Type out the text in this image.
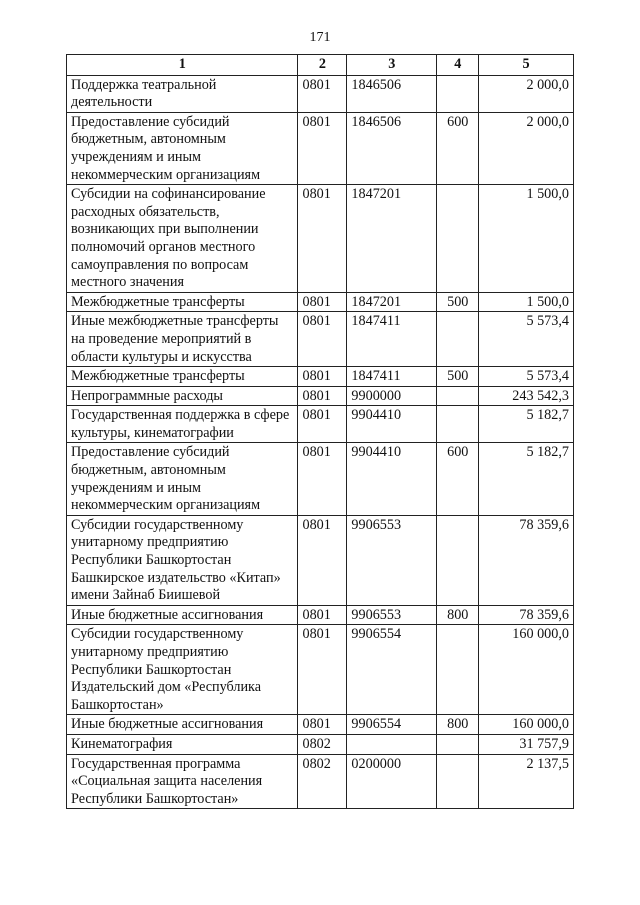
171
1	2	3	4	5
Поддержка театральной деятельности	0801	1846506		2 000,0
Предоставление субсидий бюджетным, автономным учреждениям и иным некоммерческим организациям	0801	1846506	600	2 000,0
Субсидии на софинансирование расходных обязательств, возникающих при выполнении полномочий органов местного самоуправления по вопросам местного значения	0801	1847201		1 500,0
Межбюджетные трансферты	0801	1847201	500	1 500,0
Иные межбюджетные трансферты на проведение мероприятий в области культуры и искусства	0801	1847411		5 573,4
Межбюджетные трансферты	0801	1847411	500	5 573,4
Непрограммные расходы	0801	9900000		243 542,3
Государственная поддержка в сфере культуры, кинематографии	0801	9904410		5 182,7
Предоставление субсидий бюджетным, автономным учреждениям и иным некоммерческим организациям	0801	9904410	600	5 182,7
Субсидии государственному унитарному предприятию Республики Башкортостан Башкирское издательство «Китап» имени Зайнаб Биишевой	0801	9906553		78 359,6
Иные бюджетные ассигнования	0801	9906553	800	78 359,6
Субсидии государственному унитарному предприятию Республики Башкортостан Издательский дом «Республика Башкортостан»	0801	9906554		160 000,0
Иные бюджетные ассигнования	0801	9906554	800	160 000,0
Кинематография	0802			31 757,9
Государственная программа «Социальная защита населения Республики Башкортостан»	0802	0200000		2 137,5
